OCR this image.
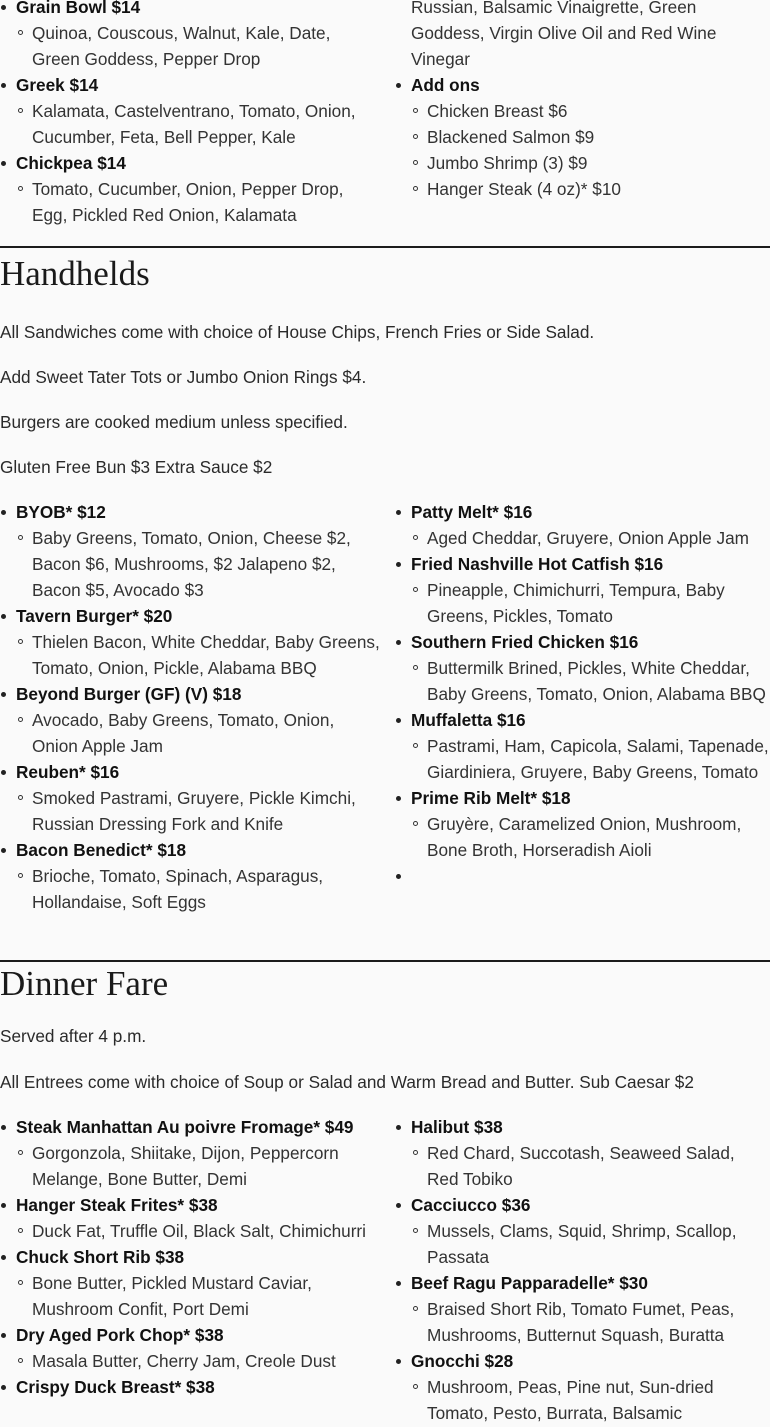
Grain Bowl $14
Quinoa, Couscous, Walnut, Kale, Date, Green Goddess, Pepper Drop
Greek $14
Kalamata, Castelventrano, Tomato, Onion, Cucumber, Feta, Bell Pepper, Kale
Chickpea $14
Tomato, Cucumber, Onion, Pepper Drop, Egg, Pickled Red Onion, Kalamata
Russian, Balsamic Vinaigrette, Green Goddess, Virgin Olive Oil and Red Wine Vinegar
Add ons
Chicken Breast $6
Blackened Salmon $9
Jumbo Shrimp (3) $9
Hanger Steak (4 oz)* $10
Handhelds

All Sandwiches come with choice of House Chips, French Fries or Side Salad.

Add Sweet Tater Tots or Jumbo Onion Rings $4.

Burgers are cooked medium unless specified.

Gluten Free Bun $3 Extra Sauce $2

BYOB* $12
Baby Greens, Tomato, Onion, Cheese $2, Bacon $6, Mushrooms, $2 Jalapeno $2, Bacon $5, Avocado $3
Tavern Burger* $20
Thielen Bacon, White Cheddar, Baby Greens, Tomato, Onion, Pickle, Alabama BBQ
Beyond Burger (GF) (V) $18
Avocado, Baby Greens, Tomato, Onion, Onion Apple Jam
Reuben* $16
Smoked Pastrami, Gruyere, Pickle Kimchi, Russian Dressing Fork and Knife
Bacon Benedict* $18
Brioche, Tomato, Spinach, Asparagus, Hollandaise, Soft Eggs
Patty Melt* $16
Aged Cheddar, Gruyere, Onion Apple Jam
Fried Nashville Hot Catfish $16
Pineapple, Chimichurri, Tempura, Baby Greens, Pickles, Tomato
Southern Fried Chicken $16
Buttermilk Brined, Pickles, White Cheddar, Baby Greens, Tomato, Onion, Alabama BBQ
Muffaletta $16
Pastrami, Ham, Capicola, Salami, Tapenade, Giardiniera, Gruyere, Baby Greens, Tomato
Prime Rib Melt* $18
Gruyère, Caramelized Onion, Mushroom, Bone Broth, Horseradish Aioli

Dinner Fare

Served after 4 p.m.

All Entrees come with choice of Soup or Salad and Warm Bread and Butter. Sub Caesar $2

Steak Manhattan Au poivre Fromage* $49
Gorgonzola, Shiitake, Dijon, Peppercorn Melange, Bone Butter, Demi
Hanger Steak Frites* $38
Duck Fat, Truffle Oil, Black Salt, Chimichurri
Chuck Short Rib $38
Bone Butter, Pickled Mustard Caviar, Mushroom Confit, Port Demi
Dry Aged Pork Chop* $38
Masala Butter, Cherry Jam, Creole Dust
Crispy Duck Breast* $38
Halibut $38
Red Chard, Succotash, Seaweed Salad, Red Tobiko
Cacciucco $36
Mussels, Clams, Squid, Shrimp, Scallop, Passata
Beef Ragu Papparadelle* $30
Braised Short Rib, Tomato Fumet, Peas, Mushrooms, Butternut Squash, Buratta
Gnocchi $28
Mushroom, Peas, Pine nut, Sun-dried Tomato, Pesto, Burrata, Balsamic
